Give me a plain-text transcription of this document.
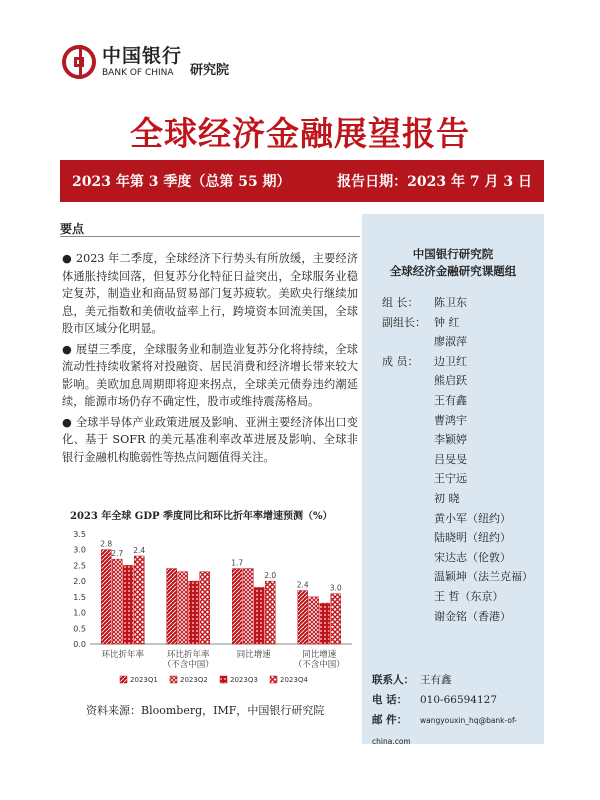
中国银行
BANK OF CHINA	研究院
全球经济金融展望报告
2023 年第 3 季度（总第 55 期）	报告日期：2023 年 7 月 3 日
要点

● 2023 年二季度，全球经济下行势头有所放缓，主要经济体通胀持续回落，但复苏分化特征日益突出，全球服务业稳定复苏，制造业和商品贸易部门复苏疲软。美欧央行继续加息，美元指数和美债收益率上行，跨境资本回流美国，全球股市区域分化明显。

● 展望三季度，全球服务业和制造业复苏分化将持续，全球流动性持续收紧将对投融资、居民消费和经济增长带来较大影响。美欧加息周期即将迎来拐点，全球美元债券违约潮延续，能源市场仍存不确定性，股市或维持震荡格局。

● 全球半导体产业政策进展及影响、亚洲主要经济体出口变化、基于 SOFR 的美元基准利率改革进展及影响、全球非银行金融机构脆弱性等热点问题值得关注。

2023 年全球 GDP 季度同比和环比折年率增速预测（%）
0.0
0.5
1.0
1.5
2.0
2.5
3.0
3.5
环比折年率	环比折年率（不含中国）
同比增速	同比增速（不含中国）
2.8
2.7 2.4
1.7
2.0
2.4	3.0
2023Q1	2023Q2	2023Q3	2023Q4
资料来源：Bloomberg，IMF，中国银行研究院
中国银行研究院
全球经济金融研究课题组
组 长： 陈卫东
副组长： 钟 红
廖淑萍
成 员： 边卫红
熊启跃
王有鑫
曹鸿宇
李颖婷
吕旻旻
王宁远
初 晓
黄小军（纽约）
陆晓明（纽约）
宋达志（伦敦）
温颖坤（法兰克福）
王 哲（东京）
谢金铭（香港）
联系人： 王有鑫
电 话： 010-66594127
邮 件： wangyouxin_hq@bank-of-china.com
